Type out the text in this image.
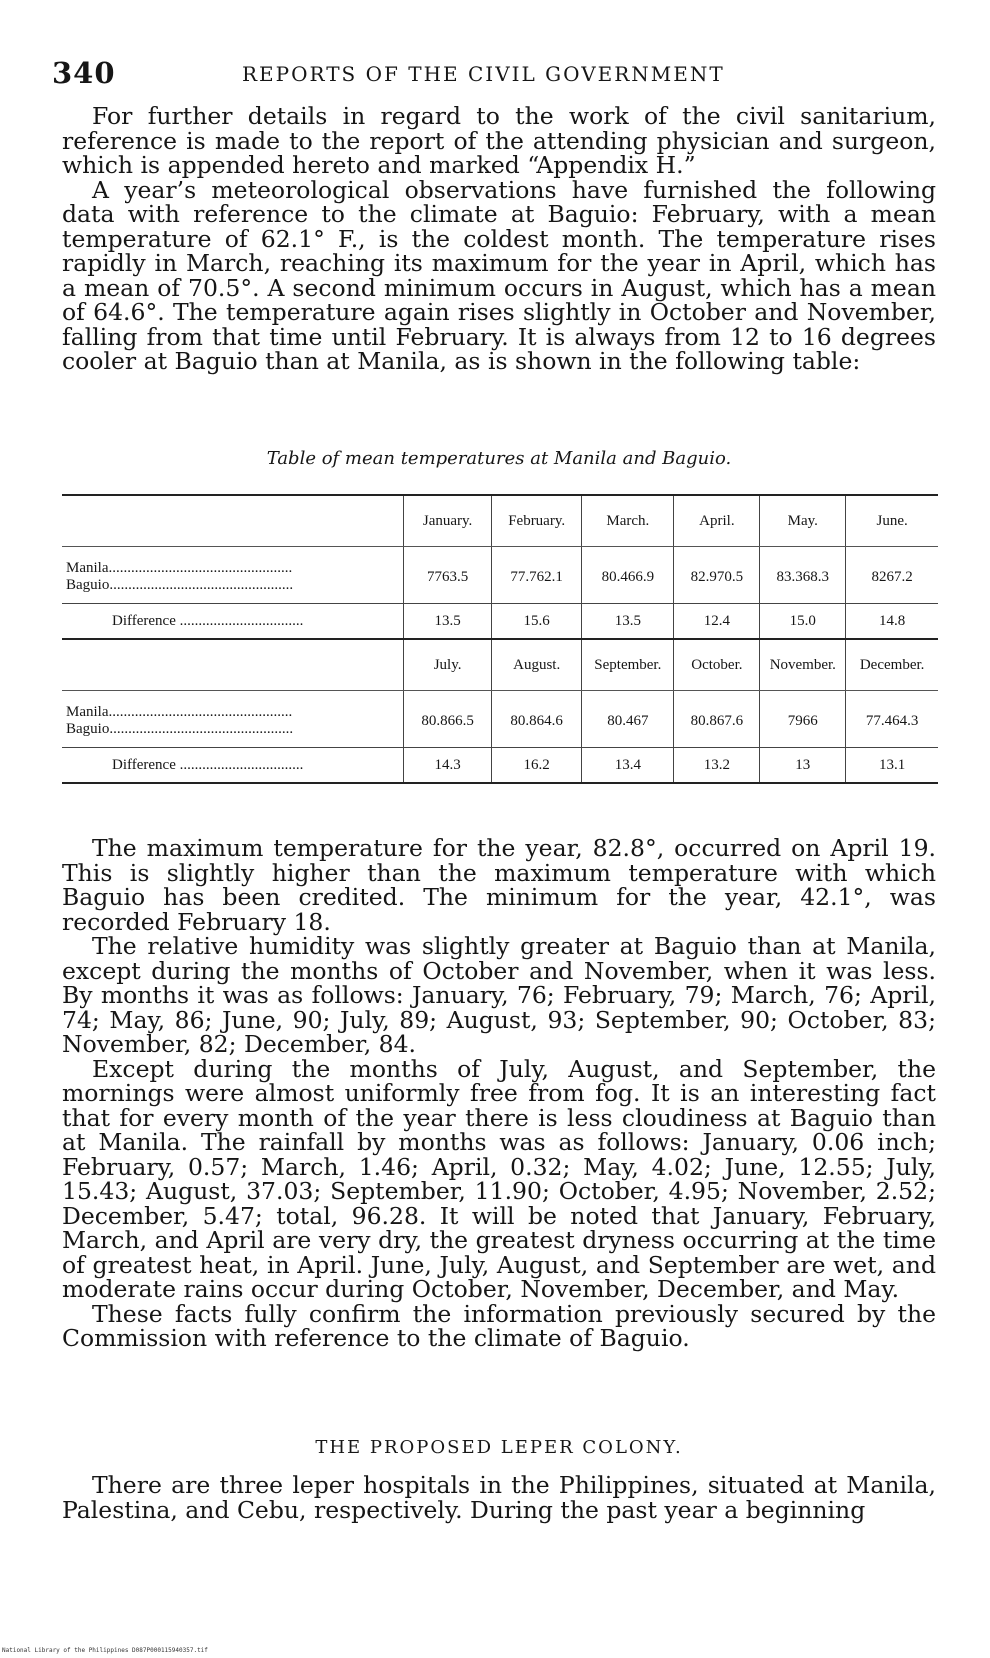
340	REPORTS OF THE CIVIL GOVERNMENT

For further details in regard to the work of the civil sanitarium, reference is made to the report of the attending physician and surgeon, which is appended hereto and marked “Appendix H.”

A year’s meteorological observations have furnished the following data with reference to the climate at Baguio: February, with a mean temperature of 62.1° F., is the coldest month. The temperature rises rapidly in March, reaching its maximum for the year in April, which has a mean of 70.5°. A second minimum occurs in August, which has a mean of 64.6°. The temperature again rises slightly in October and November, falling from that time until February. It is always from 12 to 16 degrees cooler at Baguio than at Manila, as is shown in the following table:

Table of mean temperatures at Manila and Baguio.
	January.	February.	March.	April.	May.	June.

Manila.................................................
Baguio.................................................	7763.5	77.762.1	80.466.9	82.970.5	83.368.3	8267.2
Difference .................................	13.5	15.6	13.5	12.4	15.0	14.8
	July.	August.	September.	October.	November.	December.

Manila.................................................
Baguio.................................................	80.866.5	80.864.6	80.467	80.867.6	7966	77.464.3
Difference .................................	14.3	16.2	13.4	13.2	13	13.1

The maximum temperature for the year, 82.8°, occurred on April 19. This is slightly higher than the maximum temperature with which Baguio has been credited. The minimum for the year, 42.1°, was recorded February 18.

The relative humidity was slightly greater at Baguio than at Manila, except during the months of October and November, when it was less. By months it was as follows: January, 76; February, 79; March, 76; April, 74; May, 86; June, 90; July, 89; August, 93; September, 90; October, 83; November, 82; December, 84.

Except during the months of July, August, and September, the mornings were almost uniformly free from fog. It is an interesting fact that for every month of the year there is less cloudiness at Baguio than at Manila. The rainfall by months was as follows: January, 0.06 inch; February, 0.57; March, 1.46; April, 0.32; May, 4.02; June, 12.55; July, 15.43; August, 37.03; September, 11.90; October, 4.95; November, 2.52; December, 5.47; total, 96.28. It will be noted that January, February, March, and April are very dry, the greatest dryness occurring at the time of greatest heat, in April. June, July, August, and September are wet, and moderate rains occur during October, November, December, and May.

These facts fully confirm the information previously secured by the Commission with reference to the climate of Baguio.

THE PROPOSED LEPER COLONY.

There are three leper hospitals in the Philippines, situated at Manila, Palestina, and Cebu, respectively. During the past year a beginning

National Library of the Philippines D087P000115940357.tif
